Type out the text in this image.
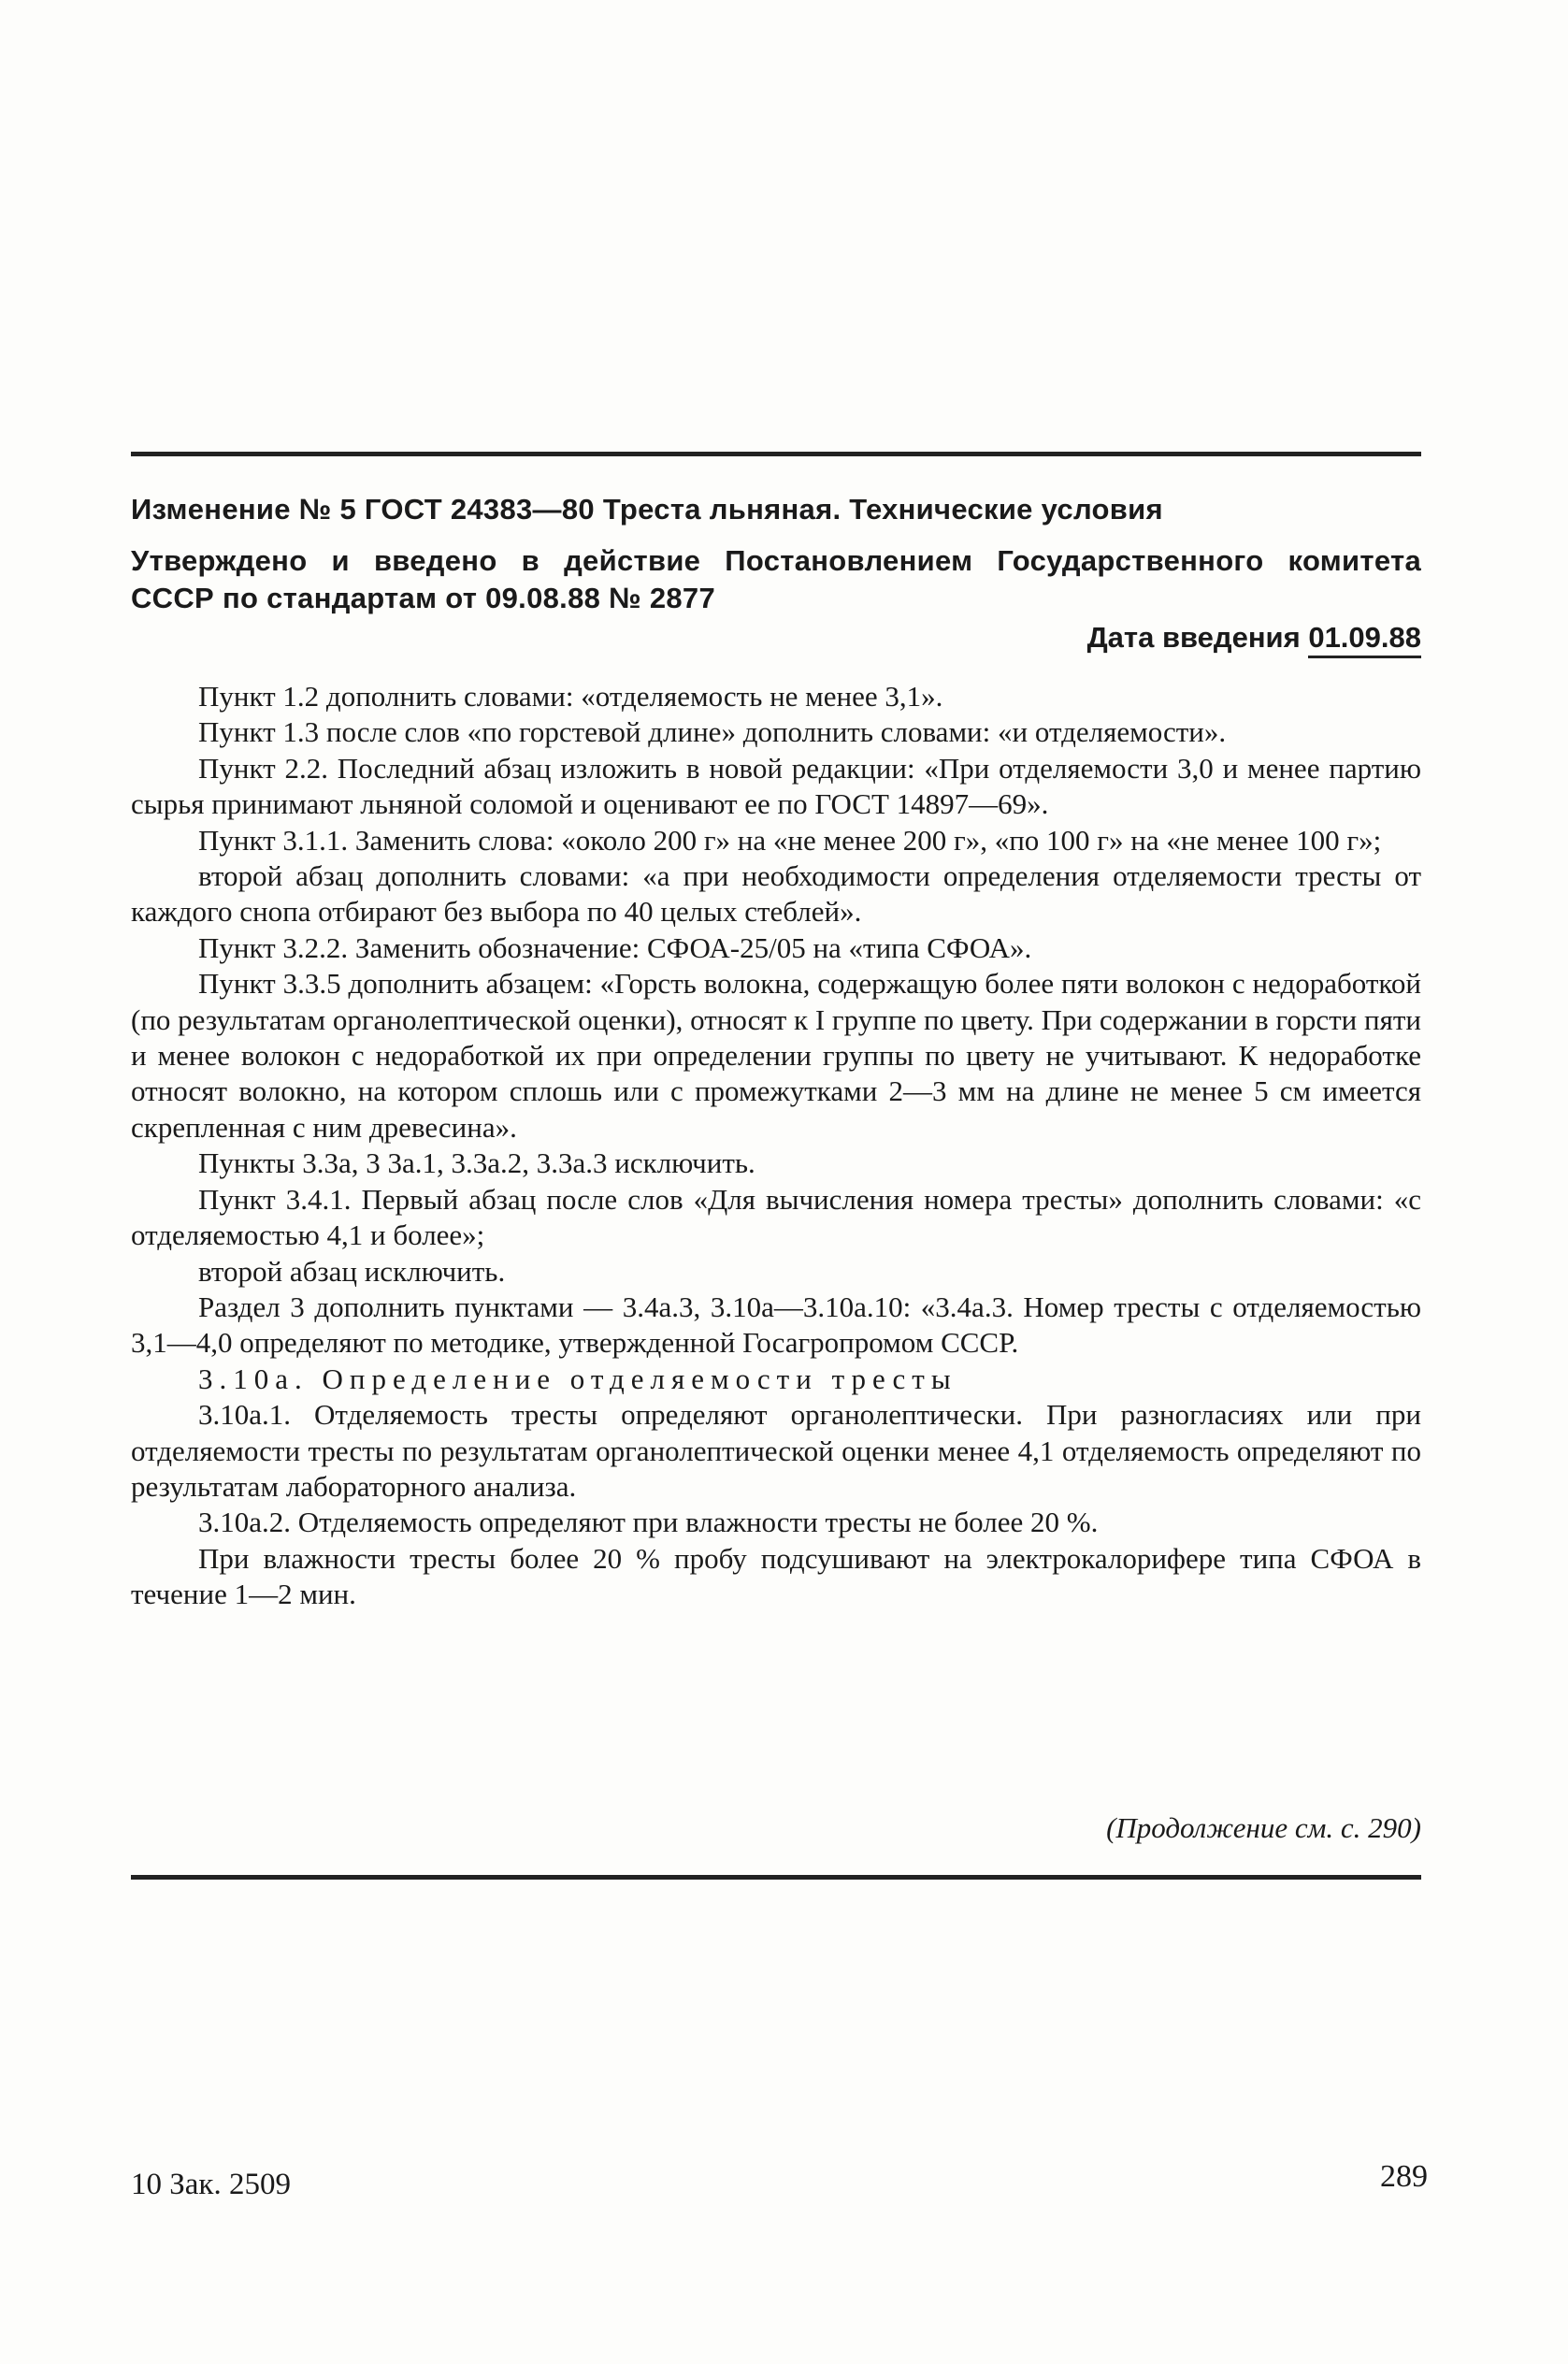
Изменение № 5 ГОСТ 24383—80 Треста льняная. Технические условия
Утверждено и введено в действие Постановлением Государственного комитета
СССР по стандартам от 09.08.88 № 2877
Дата введения 01.09.88

Пункт 1.2 дополнить словами: «отделяемость не менее 3,1».

Пункт 1.3 после слов «по горстевой длине» дополнить словами: «и отделяемости».

Пункт 2.2. Последний абзац изложить в новой редакции: «При отделяемости 3,0 и менее партию сырья принимают льняной соломой и оценивают ее по ГОСТ 14897—69».

Пункт 3.1.1. Заменить слова: «около 200 г» на «не менее 200 г», «по 100 г» на «не менее 100 г»;

второй абзац дополнить словами: «а при необходимости определения отделяемости тресты от каждого снопа отбирают без выбора по 40 целых стеблей».

Пункт 3.2.2. Заменить обозначение: СФОА-25/05 на «типа СФОА».

Пункт 3.3.5 дополнить абзацем: «Горсть волокна, содержащую более пяти волокон с недоработкой (по результатам органолептической оценки), относят к I группе по цвету. При содержании в горсти пяти и менее волокон с недоработкой их при определении группы по цвету не учитывают. К недоработке относят волокно, на котором сплошь или с промежутками 2—3 мм на длине не менее 5 см имеется скрепленная с ним древесина».

Пункты 3.3а, 3 3а.1, 3.3а.2, 3.3а.3 исключить.

Пункт 3.4.1. Первый абзац после слов «Для вычисления номера тресты» дополнить словами: «с отделяемостью 4,1 и более»;

второй абзац исключить.

Раздел 3 дополнить пунктами — 3.4а.3, 3.10а—3.10а.10: «3.4а.3. Номер тресты с отделяемостью 3,1—4,0 определяют по методике, утвержденной Госагропромом СССР.

3.10а. Определение отделяемости тресты

3.10а.1. Отделяемость тресты определяют органолептически. При разногласиях или при отделяемости тресты по результатам органолептической оценки менее 4,1 отделяемость определяют по результатам лабораторного анализа.

3.10а.2. Отделяемость определяют при влажности тресты не более 20 %.

При влажности тресты более 20 % пробу подсушивают на электрокалорифере типа СФОА в течение 1—2 мин.

(Продолжение см. с. 290)
10 Зак. 2509	289
